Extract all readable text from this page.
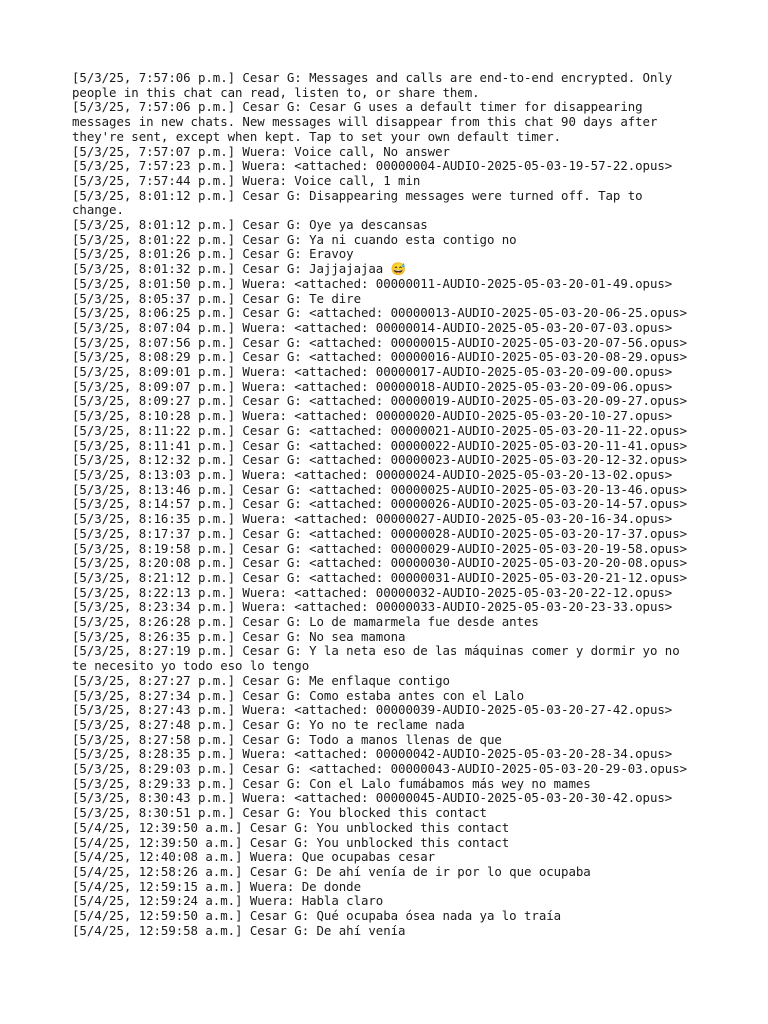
[5/3/25, 7:57:06 p.m.] Cesar G: Messages and calls are end-to-end encrypted. Only people in this chat can read, listen to, or share them.
[5/3/25, 7:57:06 p.m.] Cesar G: Cesar G uses a default timer for disappearing messages in new chats. New messages will disappear from this chat 90 days after they're sent, except when kept. Tap to set your own default timer.
[5/3/25, 7:57:07 p.m.] Wuera: Voice call, No answer
[5/3/25, 7:57:23 p.m.] Wuera: <attached: 00000004-AUDIO-2025-05-03-19-57-22.opus>
[5/3/25, 7:57:44 p.m.] Wuera: Voice call, 1 min
[5/3/25, 8:01:12 p.m.] Cesar G: Disappearing messages were turned off. Tap to change.
[5/3/25, 8:01:12 p.m.] Cesar G: Oye ya descansas
[5/3/25, 8:01:22 p.m.] Cesar G: Ya ni cuando esta contigo no
[5/3/25, 8:01:26 p.m.] Cesar G: Eravoy
[5/3/25, 8:01:32 p.m.] Cesar G: Jajjajajaa 😅
[5/3/25, 8:01:50 p.m.] Wuera: <attached: 00000011-AUDIO-2025-05-03-20-01-49.opus>
[5/3/25, 8:05:37 p.m.] Cesar G: Te dire
[5/3/25, 8:06:25 p.m.] Cesar G: <attached: 00000013-AUDIO-2025-05-03-20-06-25.opus>
[5/3/25, 8:07:04 p.m.] Wuera: <attached: 00000014-AUDIO-2025-05-03-20-07-03.opus>
[5/3/25, 8:07:56 p.m.] Cesar G: <attached: 00000015-AUDIO-2025-05-03-20-07-56.opus>
[5/3/25, 8:08:29 p.m.] Cesar G: <attached: 00000016-AUDIO-2025-05-03-20-08-29.opus>
[5/3/25, 8:09:01 p.m.] Wuera: <attached: 00000017-AUDIO-2025-05-03-20-09-00.opus>
[5/3/25, 8:09:07 p.m.] Wuera: <attached: 00000018-AUDIO-2025-05-03-20-09-06.opus>
[5/3/25, 8:09:27 p.m.] Cesar G: <attached: 00000019-AUDIO-2025-05-03-20-09-27.opus>
[5/3/25, 8:10:28 p.m.] Wuera: <attached: 00000020-AUDIO-2025-05-03-20-10-27.opus>
[5/3/25, 8:11:22 p.m.] Cesar G: <attached: 00000021-AUDIO-2025-05-03-20-11-22.opus>
[5/3/25, 8:11:41 p.m.] Cesar G: <attached: 00000022-AUDIO-2025-05-03-20-11-41.opus>
[5/3/25, 8:12:32 p.m.] Cesar G: <attached: 00000023-AUDIO-2025-05-03-20-12-32.opus>
[5/3/25, 8:13:03 p.m.] Wuera: <attached: 00000024-AUDIO-2025-05-03-20-13-02.opus>
[5/3/25, 8:13:46 p.m.] Cesar G: <attached: 00000025-AUDIO-2025-05-03-20-13-46.opus>
[5/3/25, 8:14:57 p.m.] Cesar G: <attached: 00000026-AUDIO-2025-05-03-20-14-57.opus>
[5/3/25, 8:16:35 p.m.] Wuera: <attached: 00000027-AUDIO-2025-05-03-20-16-34.opus>
[5/3/25, 8:17:37 p.m.] Cesar G: <attached: 00000028-AUDIO-2025-05-03-20-17-37.opus>
[5/3/25, 8:19:58 p.m.] Cesar G: <attached: 00000029-AUDIO-2025-05-03-20-19-58.opus>
[5/3/25, 8:20:08 p.m.] Cesar G: <attached: 00000030-AUDIO-2025-05-03-20-20-08.opus>
[5/3/25, 8:21:12 p.m.] Cesar G: <attached: 00000031-AUDIO-2025-05-03-20-21-12.opus>
[5/3/25, 8:22:13 p.m.] Wuera: <attached: 00000032-AUDIO-2025-05-03-20-22-12.opus>
[5/3/25, 8:23:34 p.m.] Wuera: <attached: 00000033-AUDIO-2025-05-03-20-23-33.opus>
[5/3/25, 8:26:28 p.m.] Cesar G: Lo de mamarmela fue desde antes
[5/3/25, 8:26:35 p.m.] Cesar G: No sea mamona
[5/3/25, 8:27:19 p.m.] Cesar G: Y la neta eso de las máquinas comer y dormir yo no te necesito yo todo eso lo tengo
[5/3/25, 8:27:27 p.m.] Cesar G: Me enflaque contigo
[5/3/25, 8:27:34 p.m.] Cesar G: Como estaba antes con el Lalo
[5/3/25, 8:27:43 p.m.] Wuera: <attached: 00000039-AUDIO-2025-05-03-20-27-42.opus>
[5/3/25, 8:27:48 p.m.] Cesar G: Yo no te reclame nada
[5/3/25, 8:27:58 p.m.] Cesar G: Todo a manos llenas de que
[5/3/25, 8:28:35 p.m.] Wuera: <attached: 00000042-AUDIO-2025-05-03-20-28-34.opus>
[5/3/25, 8:29:03 p.m.] Cesar G: <attached: 00000043-AUDIO-2025-05-03-20-29-03.opus>
[5/3/25, 8:29:33 p.m.] Cesar G: Con el Lalo fumábamos más wey no mames
[5/3/25, 8:30:43 p.m.] Wuera: <attached: 00000045-AUDIO-2025-05-03-20-30-42.opus>
[5/3/25, 8:30:51 p.m.] Cesar G: You blocked this contact
[5/4/25, 12:39:50 a.m.] Cesar G: You unblocked this contact
[5/4/25, 12:39:50 a.m.] Cesar G: You unblocked this contact
[5/4/25, 12:40:08 a.m.] Wuera: Que ocupabas cesar
[5/4/25, 12:58:26 a.m.] Cesar G: De ahí venía de ir por lo que ocupaba
[5/4/25, 12:59:15 a.m.] Wuera: De donde
[5/4/25, 12:59:24 a.m.] Wuera: Habla claro
[5/4/25, 12:59:50 a.m.] Cesar G: Qué ocupaba ósea nada ya lo traía
[5/4/25, 12:59:58 a.m.] Cesar G: De ahí venía
